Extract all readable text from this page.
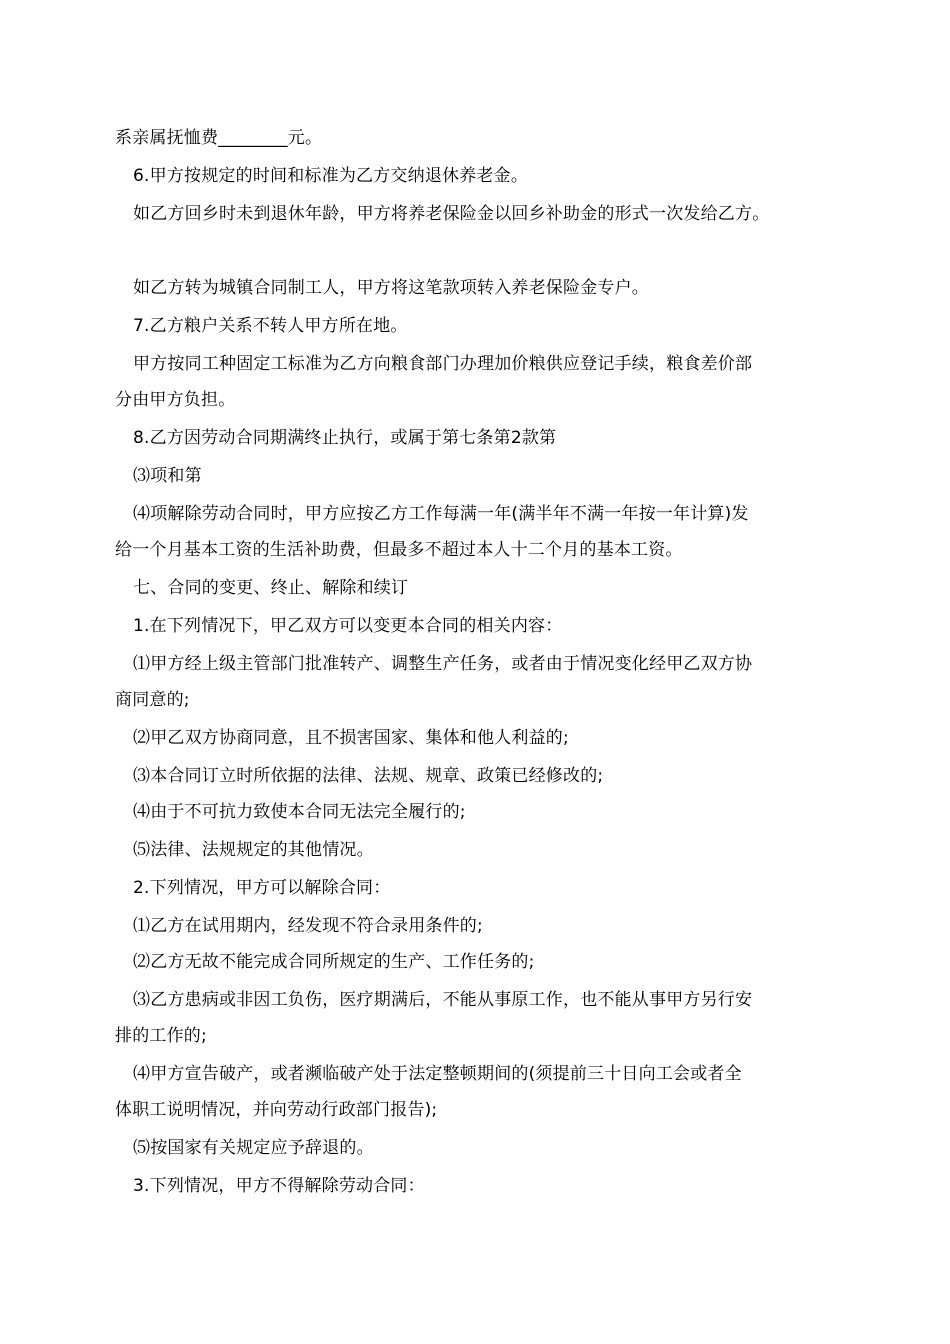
系亲属抚恤费________元。
6.甲方按规定的时间和标准为乙方交纳退休养老金。
如乙方回乡时未到退休年龄，甲方将养老保险金以回乡补助金的形式一次发给乙方。
如乙方转为城镇合同制工人，甲方将这笔款项转入养老保险金专户。
7.乙方粮户关系不转人甲方所在地。
甲方按同工种固定工标准为乙方向粮食部门办理加价粮供应登记手续，粮食差价部
分由甲方负担。
8.乙方因劳动合同期满终止执行，或属于第七条第2款第
⑶项和第
⑷项解除劳动合同时，甲方应按乙方工作每满一年(满半年不满一年按一年计算)发
给一个月基本工资的生活补助费，但最多不超过本人十二个月的基本工资。
七、合同的变更、终止、解除和续订
1.在下列情况下，甲乙双方可以变更本合同的相关内容：
⑴甲方经上级主管部门批准转产、调整生产任务，或者由于情况变化经甲乙双方协
商同意的;
⑵甲乙双方协商同意，且不损害国家、集体和他人利益的;
⑶本合同订立时所依据的法律、法规、规章、政策已经修改的;
⑷由于不可抗力致使本合同无法完全履行的;
⑸法律、法规规定的其他情况。
2.下列情况，甲方可以解除合同：
⑴乙方在试用期内，经发现不符合录用条件的;
⑵乙方无故不能完成合同所规定的生产、工作任务的;
⑶乙方患病或非因工负伤，医疗期满后，不能从事原工作，也不能从事甲方另行安
排的工作的;
⑷甲方宣告破产，或者濒临破产处于法定整顿期间的(须提前三十日向工会或者全
体职工说明情况，并向劳动行政部门报告);
⑸按国家有关规定应予辞退的。
3.下列情况，甲方不得解除劳动合同：
